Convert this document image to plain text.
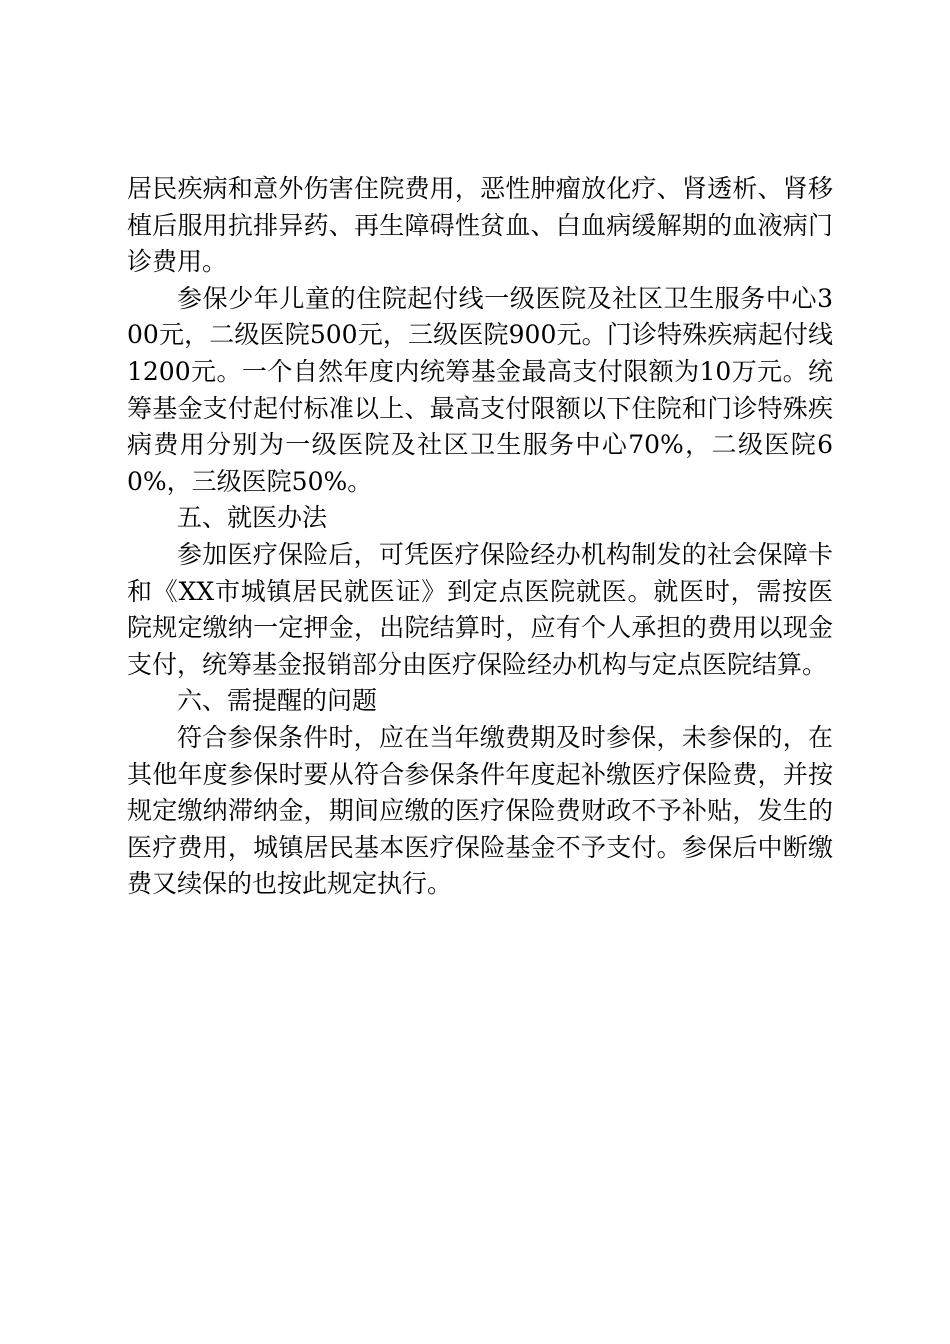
居民疾病和意外伤害住院费用，恶性肿瘤放化疗、肾透析、肾移植后服用抗排异药、再生障碍性贫血、白血病缓解期的血液病门诊费用。

参保少年儿童的住院起付线一级医院及社区卫生服务中心300元，二级医院500元，三级医院900元。门诊特殊疾病起付线1200元。一个自然年度内统筹基金最高支付限额为10万元。统筹基金支付起付标准以上、最高支付限额以下住院和门诊特殊疾病费用分别为一级医院及社区卫生服务中心70%，二级医院60%，三级医院50%。

五、就医办法

参加医疗保险后，可凭医疗保险经办机构制发的社会保障卡和《XX市城镇居民就医证》到定点医院就医。就医时，需按医院规定缴纳一定押金，出院结算时，应有个人承担的费用以现金支付，统筹基金报销部分由医疗保险经办机构与定点医院结算。

六、需提醒的问题

符合参保条件时，应在当年缴费期及时参保，未参保的，在其他年度参保时要从符合参保条件年度起补缴医疗保险费，并按规定缴纳滞纳金，期间应缴的医疗保险费财政不予补贴，发生的医疗费用，城镇居民基本医疗保险基金不予支付。参保后中断缴费又续保的也按此规定执行。
